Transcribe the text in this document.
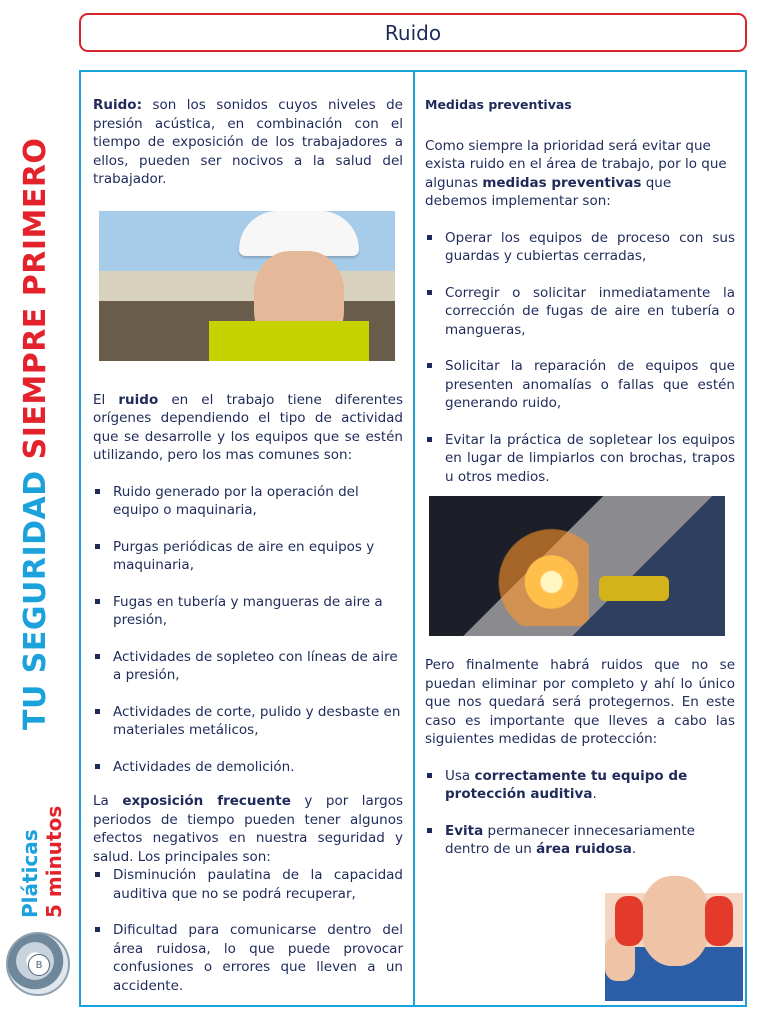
Ruido
TU SEGURIDAD SIEMPRE PRIMERO
Pláticas 5 minutos
B

Ruido: son los sonidos cuyos niveles de presión acústica, en combinación con el tiempo de exposición de los trabajadores a ellos, pueden ser nocivos a la salud del trabajador.

El ruido en el trabajo tiene diferentes orígenes dependiendo el tipo de actividad que se desarrolle y los equipos que se estén utilizando, pero los mas comunes son:

Ruido generado por la operación del equipo o maquinaria,
Purgas periódicas de aire en equipos y maquinaria,
Fugas en tubería y mangueras de aire a presión,
Actividades de sopleteo con líneas de aire a presión,
Actividades de corte, pulido y desbaste en materiales metálicos,
Actividades de demolición.

La exposición frecuente y por largos periodos de tiempo pueden tener algunos efectos negativos en nuestra seguridad y salud. Los principales son:

Disminución paulatina de la capacidad auditiva que no se podrá recuperar,
Dificultad para comunicarse dentro del área ruidosa, lo que puede provocar confusiones o errores que lleven a un accidente.

Medidas preventivas

Como siempre la prioridad será evitar que exista ruido en el área de trabajo, por lo que algunas medidas preventivas que debemos implementar son:

Operar los equipos de proceso con sus guardas y cubiertas cerradas,
Corregir o solicitar inmediatamente la corrección de fugas de aire en tubería o mangueras,
Solicitar la reparación de equipos que presenten anomalías o fallas que estén generando ruido,
Evitar la práctica de sopletear los equipos en lugar de limpiarlos con brochas, trapos u otros medios.

Pero finalmente habrá ruidos que no se puedan eliminar por completo y ahí lo único que nos quedará será protegernos. En este caso es importante que lleves a cabo las siguientes medidas de protección:

Usa correctamente tu equipo de protección auditiva.
Evita permanecer innecesariamente dentro de un área ruidosa.
